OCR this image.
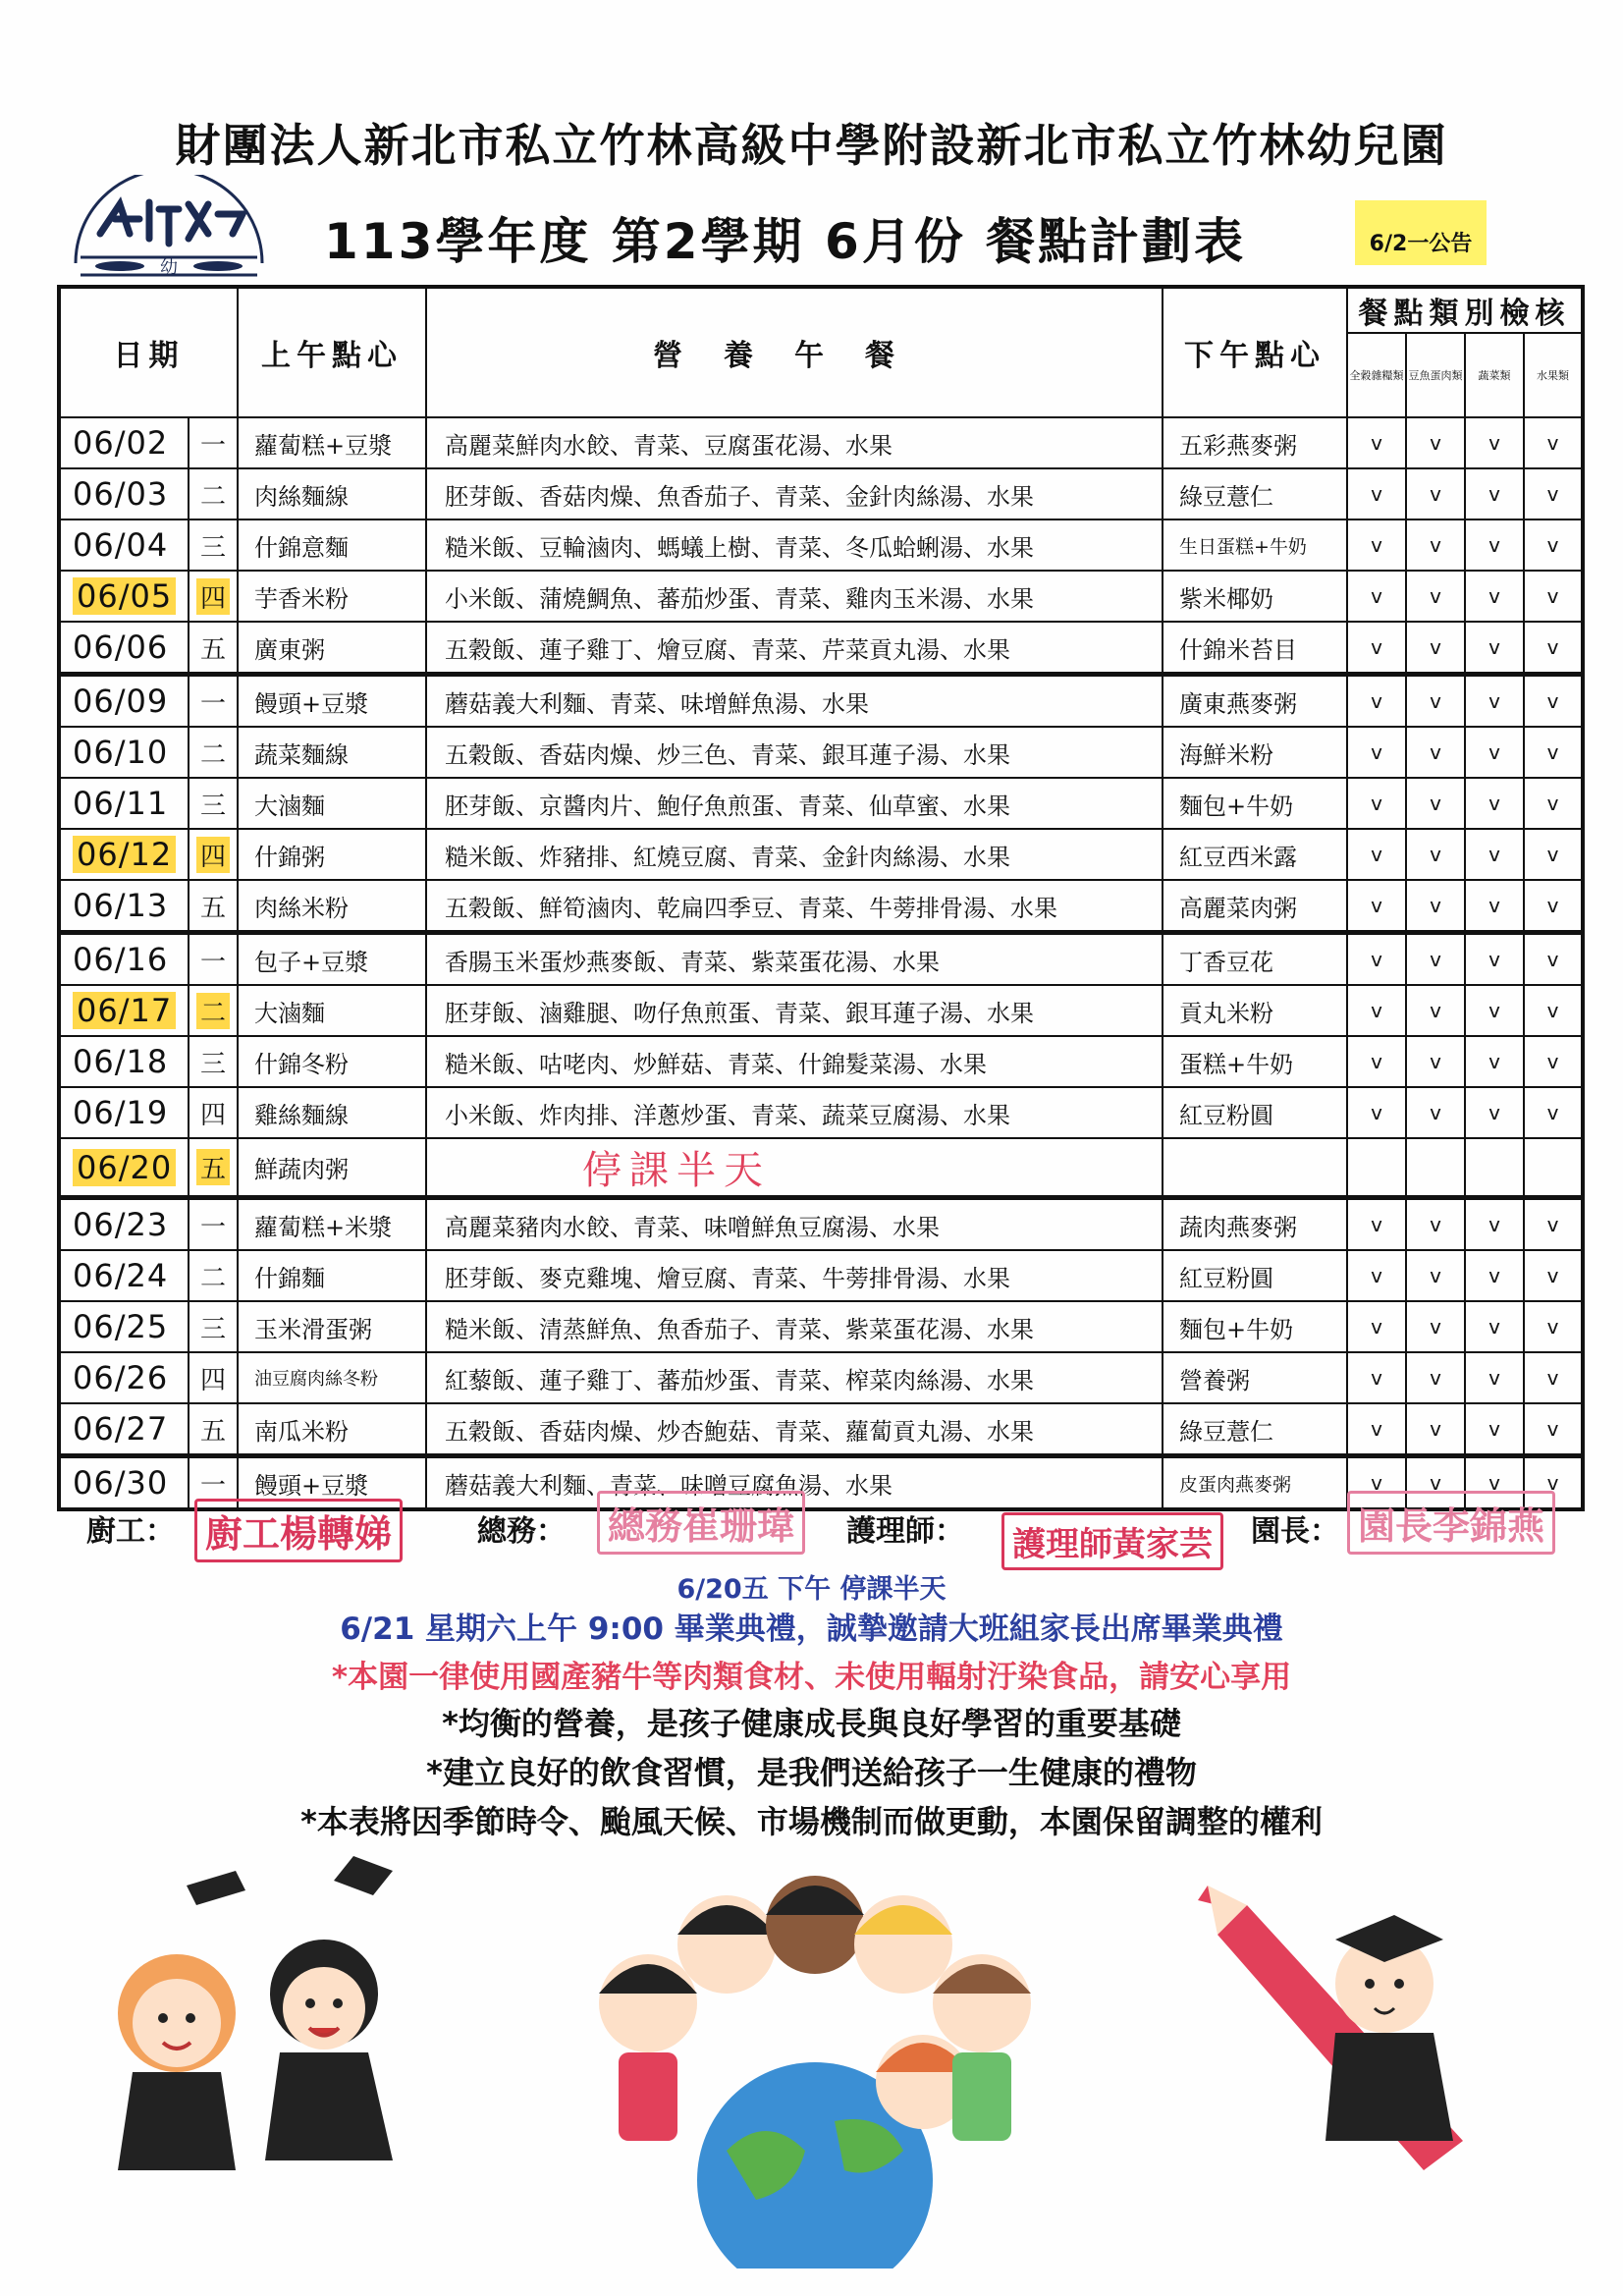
財團法人新北市私立竹林高級中學附設新北市私立竹林幼兒園
幼	113學年度 第2學期 6月份 餐點計劃表	6/2一公告
日期		上午點心	營養午餐	下午點心	餐點類別檢核			
					全穀雜糧類	豆魚蛋肉類	蔬菜類	水果類
06/02	一	蘿蔔糕+豆漿	高麗菜鮮肉水餃、青菜、豆腐蛋花湯、水果	五彩燕麥粥	v	v	v	v
06/03	二	肉絲麵線	胚芽飯、香菇肉燥、魚香茄子、青菜、金針肉絲湯、水果	綠豆薏仁	v	v	v	v
06/04	三	什錦意麵	糙米飯、豆輪滷肉、螞蟻上樹、青菜、冬瓜蛤蜊湯、水果	生日蛋糕+牛奶	v	v	v	v
06/05	四	芋香米粉	小米飯、蒲燒鯛魚、蕃茄炒蛋、青菜、雞肉玉米湯、水果	紫米椰奶	v	v	v	v
06/06	五	廣東粥	五穀飯、蓮子雞丁、燴豆腐、青菜、芹菜貢丸湯、水果	什錦米苔目	v	v	v	v
06/09	一	饅頭+豆漿	蘑菇義大利麵、青菜、味增鮮魚湯、水果	廣東燕麥粥	v	v	v	v
06/10	二	蔬菜麵線	五穀飯、香菇肉燥、炒三色、青菜、銀耳蓮子湯、水果	海鮮米粉	v	v	v	v
06/11	三	大滷麵	胚芽飯、京醬肉片、鮑仔魚煎蛋、青菜、仙草蜜、水果	麵包+牛奶	v	v	v	v
06/12	四	什錦粥	糙米飯、炸豬排、紅燒豆腐、青菜、金針肉絲湯、水果	紅豆西米露	v	v	v	v
06/13	五	肉絲米粉	五穀飯、鮮筍滷肉、乾扁四季豆、青菜、牛蒡排骨湯、水果	高麗菜肉粥	v	v	v	v
06/16	一	包子+豆漿	香腸玉米蛋炒燕麥飯、青菜、紫菜蛋花湯、水果	丁香豆花	v	v	v	v
06/17	二	大滷麵	胚芽飯、滷雞腿、吻仔魚煎蛋、青菜、銀耳蓮子湯、水果	貢丸米粉	v	v	v	v
06/18	三	什錦冬粉	糙米飯、咕咾肉、炒鮮菇、青菜、什錦髮菜湯、水果	蛋糕+牛奶	v	v	v	v
06/19	四	雞絲麵線	小米飯、炸肉排、洋蔥炒蛋、青菜、蔬菜豆腐湯、水果	紅豆粉圓	v	v	v	v
06/20	五	鮮蔬肉粥	停課半天					
06/23	一	蘿蔔糕+米漿	高麗菜豬肉水餃、青菜、味噌鮮魚豆腐湯、水果	蔬肉燕麥粥	v	v	v	v
06/24	二	什錦麵	胚芽飯、麥克雞塊、燴豆腐、青菜、牛蒡排骨湯、水果	紅豆粉圓	v	v	v	v
06/25	三	玉米滑蛋粥	糙米飯、清蒸鮮魚、魚香茄子、青菜、紫菜蛋花湯、水果	麵包+牛奶	v	v	v	v
06/26	四	油豆腐肉絲冬粉	紅藜飯、蓮子雞丁、蕃茄炒蛋、青菜、榨菜肉絲湯、水果	營養粥	v	v	v	v
06/27	五	南瓜米粉	五穀飯、香菇肉燥、炒杏鮑菇、青菜、蘿蔔貢丸湯、水果	綠豆薏仁	v	v	v	v
06/30	一	饅頭+豆漿	蘑菇義大利麵、青菜、味噌豆腐魚湯、水果	皮蛋肉燕麥粥	v	v	v	v
廚工： 廚工楊轉娣	總務： 總務崔珊瑋	護理師：	護理師黃家芸	園長： 園長李錦燕
6/20五 下午 停課半天
6/21 星期六上午 9:00 畢業典禮，誠摯邀請大班組家長出席畢業典禮
*本園一律使用國產豬牛等肉類食材、未使用輻射汙染食品，請安心享用
*均衡的營養，是孩子健康成長與良好學習的重要基礎
*建立良好的飲食習慣，是我們送給孩子一生健康的禮物
*本表將因季節時令、颱風天候、市場機制而做更動，本園保留調整的權利
